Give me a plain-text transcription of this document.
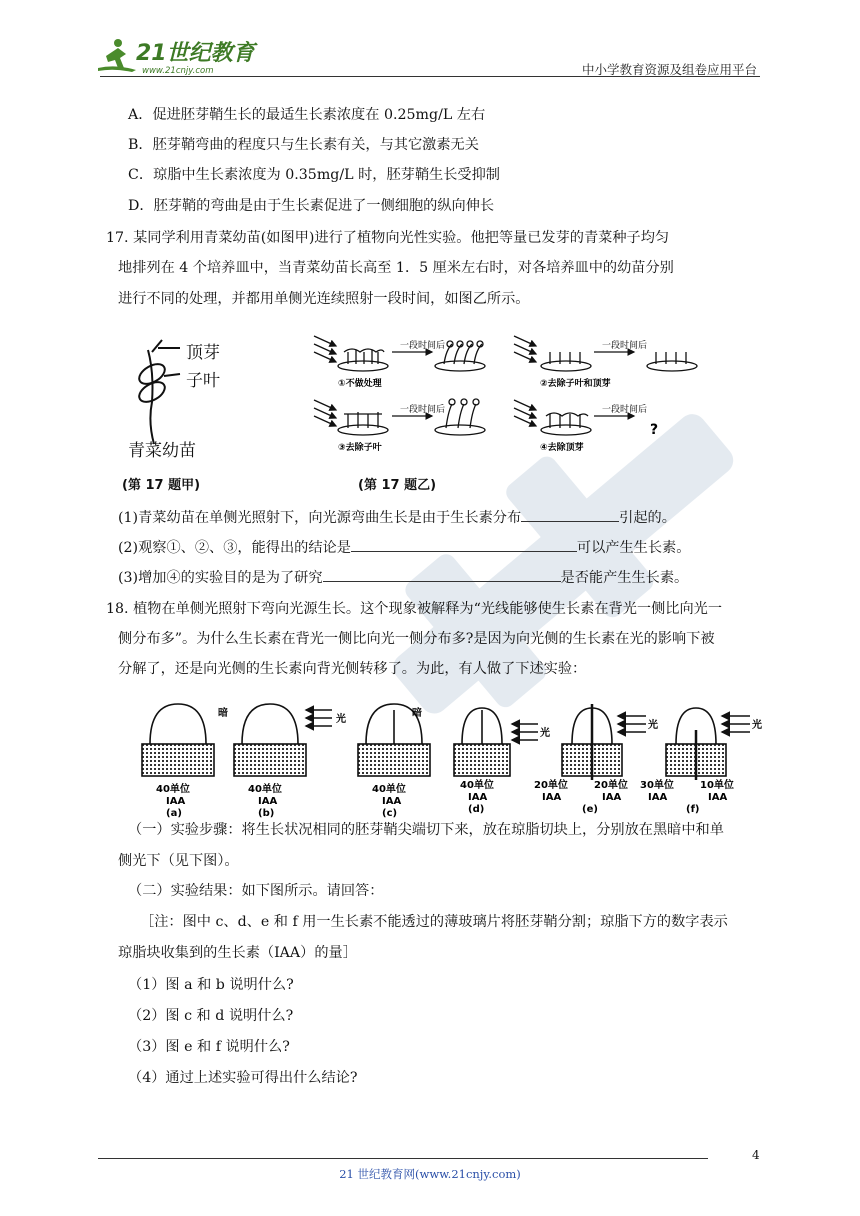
21世纪教育
www.21cnjy.com	中小学教育资源及组卷应用平台
A．促进胚芽鞘生长的最适生长素浓度在 0.25mg/L 左右
B．胚芽鞘弯曲的程度只与生长素有关，与其它激素无关
C．琼脂中生长素浓度为 0.35mg/L 时，胚芽鞘生长受抑制
D．胚芽鞘的弯曲是由于生长素促进了一侧细胞的纵向伸长
17. 某同学利用青菜幼苗(如图甲)进行了植物向光性实验。他把等量已发芽的青菜种子均匀
地排列在 4 个培养皿中，当青菜幼苗长高至 1．5 厘米左右时，对各培养皿中的幼苗分别
进行不同的处理，并都用单侧光连续照射一段时间，如图乙所示。
顶芽
子叶
青菜幼苗
(第 17 题甲)
一段时间后	一段时间后
一段时间后	一段时间后
①不做处理	②去除子叶和顶芽
③去除子叶	④去除顶芽
?
(第 17 题乙)
(1)青菜幼苗在单侧光照射下，向光源弯曲生长是由于生长素分布	引起的。
(2)观察①、②、③，能得出的结论是	可以产生生长素。
(3)增加④的实验目的是为了研究	是否能产生生长素。
18. 植物在单侧光照射下弯向光源生长。这个现象被解释为“光线能够使生长素在背光一侧比向光一
侧分布多”。为什么生长素在背光一侧比向光一侧分布多?是因为向光侧的生长素在光的影响下被
分解了，还是向光侧的生长素向背光侧转移了。为此，有人做了下述实验：
暗
光
暗
光
光	光
40单位
IAA
(a)
40单位
IAA
(b)
40单位
IAA
(c)
40单位
IAA
(d)
20单位	20单位
IAA	IAA
(e)
30单位	10单位
IAA	IAA
(f)
（一）实验步骤：将生长状况相同的胚芽鞘尖端切下来，放在琼脂切块上，分别放在黑暗中和单
侧光下（见下图）。
（二）实验结果：如下图所示。请回答：
［注：图中 c、d、e 和 f 用一生长素不能透过的薄玻璃片将胚芽鞘分割；琼脂下方的数字表示
琼脂块收集到的生长素（IAA）的量］
（1）图 a 和 b 说明什么?
（2）图 c 和 d 说明什么?
（3）图 e 和 f 说明什么?
（4）通过上述实验可得出什么结论?
4
21 世纪教育网(www.21cnjy.com)
